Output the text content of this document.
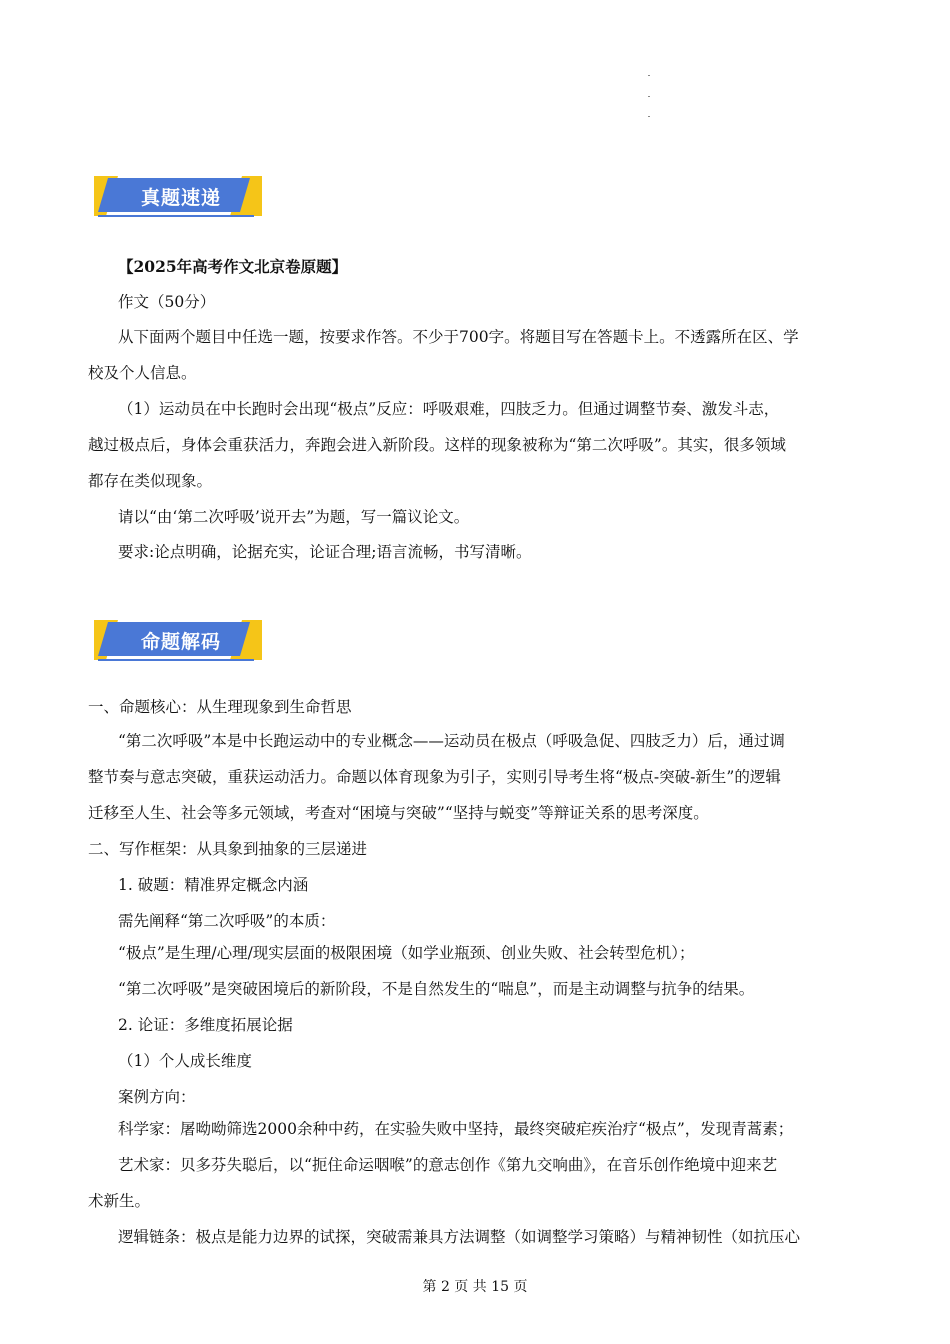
真题速递
【2025年高考作文北京卷原题】
作文（50分）
从下面两个题目中任选一题，按要求作答。不少于700字。将题目写在答题卡上。不透露所在区、学
校及个人信息。
（1）运动员在中长跑时会出现“极点”反应：呼吸艰难，四肢乏力。但通过调整节奏、激发斗志，
越过极点后，身体会重获活力，奔跑会进入新阶段。这样的现象被称为“第二次呼吸”。其实，很多领域
都存在类似现象。
请以“由‘第二次呼吸’说开去”为题，写一篇议论文。
要求:论点明确，论据充实，论证合理;语言流畅，书写清晰。
命题解码
一、命题核心：从生理现象到生命哲思
“第二次呼吸”本是中长跑运动中的专业概念——运动员在极点（呼吸急促、四肢乏力）后，通过调
整节奏与意志突破，重获运动活力。命题以体育现象为引子，实则引导考生将“极点-突破-新生”的逻辑
迁移至人生、社会等多元领域，考查对“困境与突破”“坚持与蜕变”等辩证关系的思考深度。
二、写作框架：从具象到抽象的三层递进
1. 破题：精准界定概念内涵
需先阐释“第二次呼吸”的本质：
“极点”是生理/心理/现实层面的极限困境（如学业瓶颈、创业失败、社会转型危机）；
“第二次呼吸”是突破困境后的新阶段，不是自然发生的“喘息”，而是主动调整与抗争的结果。
2. 论证：多维度拓展论据
（1）个人成长维度
案例方向：
科学家：屠呦呦筛选2000余种中药，在实验失败中坚持，最终突破疟疾治疗“极点”，发现青蒿素；
艺术家：贝多芬失聪后，以“扼住命运咽喉”的意志创作《第九交响曲》，在音乐创作绝境中迎来艺
术新生。
逻辑链条：极点是能力边界的试探，突破需兼具方法调整（如调整学习策略）与精神韧性（如抗压心
第 2 页 共 15 页
